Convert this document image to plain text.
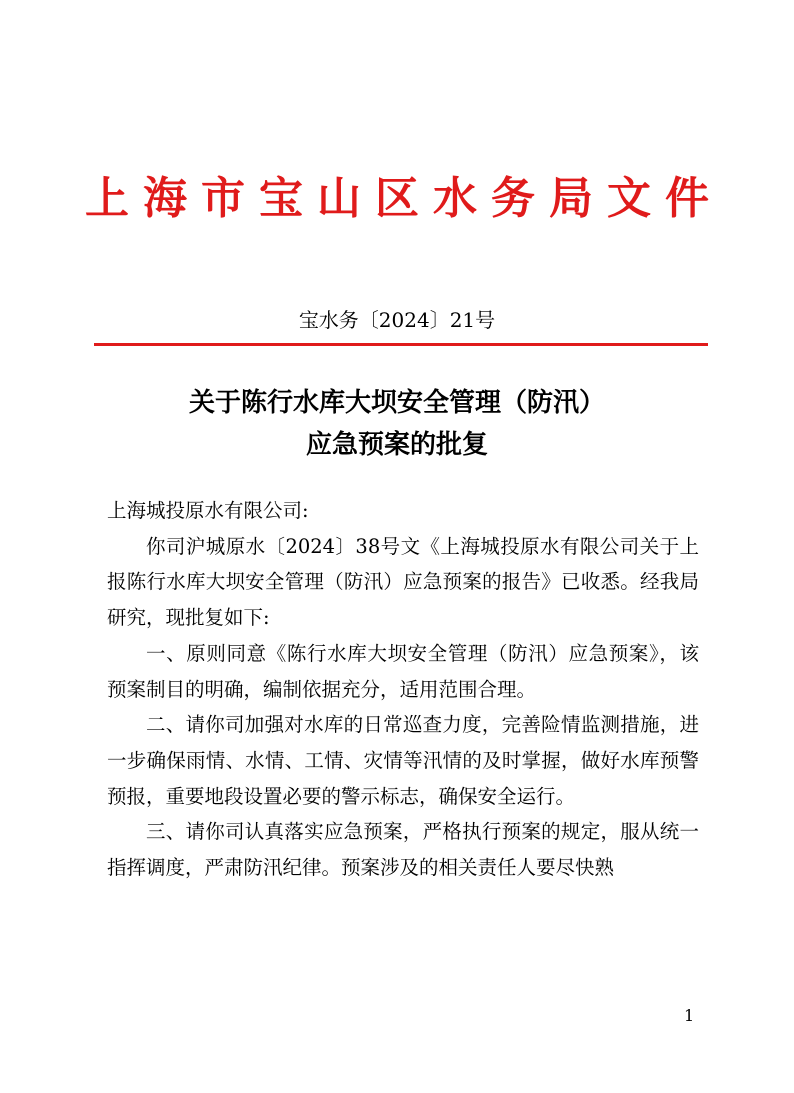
上海市宝山区水务局文件
宝水务〔2024〕21号
关于陈行水库大坝安全管理（防汛）
应急预案的批复

上海城投原水有限公司:

你司沪城原水〔2024〕38号文《上海城投原水有限公司关于上报陈行水库大坝安全管理（防汛）应急预案的报告》已收悉。经我局研究，现批复如下:

一、原则同意《陈行水库大坝安全管理（防汛）应急预案》，该预案制目的明确，编制依据充分，适用范围合理。

二、请你司加强对水库的日常巡查力度，完善险情监测措施，进一步确保雨情、水情、工情、灾情等汛情的及时掌握，做好水库预警预报，重要地段设置必要的警示标志，确保安全运行。

三、请你司认真落实应急预案，严格执行预案的规定，服从统一指挥调度，严肃防汛纪律。预案涉及的相关责任人要尽快熟

1
